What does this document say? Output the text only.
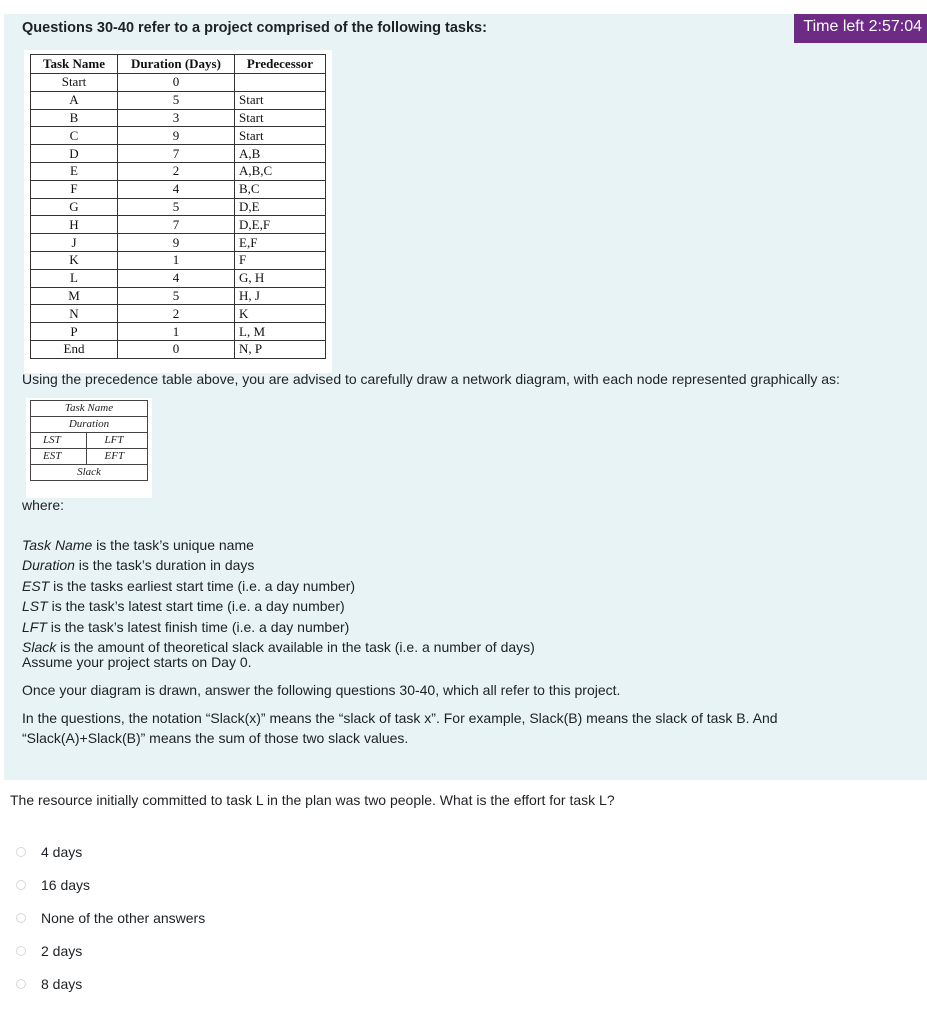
Questions 30-40 refer to a project comprised of the following tasks:	Time left 2:57:04
Task Name	Duration (Days)	Predecessor
Start	0	
A	5	Start
B	3	Start
C	9	Start
D	7	A,B
E	2	A,B,C
F	4	B,C
G	5	D,E
H	7	D,E,F
J	9	E,F
K	1	F
L	4	G, H
M	5	H, J
N	2	K
P	1	L, M
End	0	N, P

Using the precedence table above, you are advised to carefully draw a network diagram, with each node represented graphically as:

Task Name
Duration
LST	LFT
EST	EFT
Slack

where:

Task Name is the task’s unique name
Duration is the task’s duration in days
EST is the tasks earliest start time (i.e. a day number)
LST is the task’s latest start time (i.e. a day number)
LFT is the task’s latest finish time (i.e. a day number)
Slack is the amount of theoretical slack available in the task (i.e. a number of days)

Assume your project starts on Day 0.

Once your diagram is drawn, answer the following questions 30-40, which all refer to this project.

In the questions, the notation “Slack(x)” means the “slack of task x”. For example, Slack(B) means the slack of task B. And “Slack(A)+Slack(B)” means the sum of those two slack values.

The resource initially committed to task L in the plan was two people. What is the effort for task L?

4 days
16 days
None of the other answers
2 days
8 days
